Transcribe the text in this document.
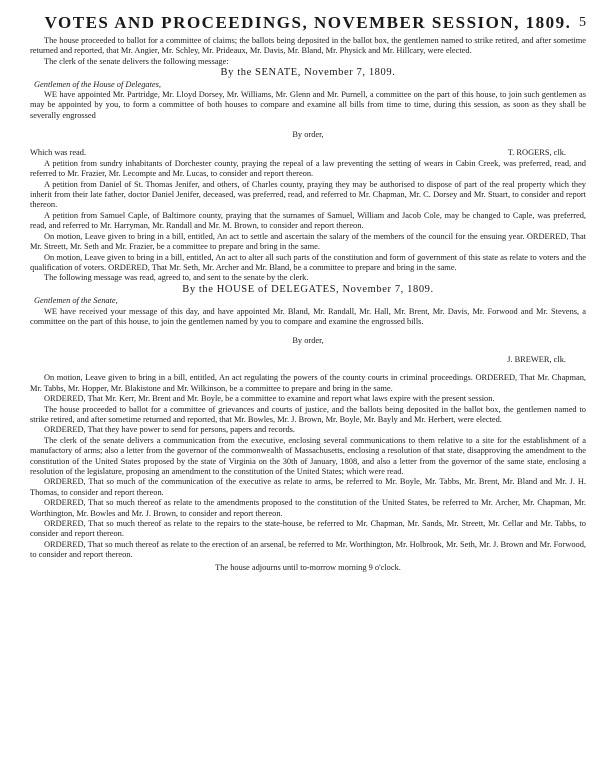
VOTES AND PROCEEDINGS, NOVEMBER SESSION, 1809. 5

The house proceeded to ballot for a committee of claims; the ballots being deposited in the ballot box, the gentlemen named to strike retired, and after sometime returned and reported, that Mr. Angier, Mr. Schley, Mr. Prideaux, Mr. Davis, Mr. Bland, Mr. Physick and Mr. Hillcary, were elected.

The clerk of the senate delivers the following message:

By the SENATE, November 7, 1809.

Gentlemen of the House of Delegates,

WE have appointed Mr. Partridge, Mr. Lloyd Dorsey, Mr. Williams, Mr. Glenn and Mr. Purnell, a committee on the part of this house, to join such gentlemen as may be appointed by you, to form a committee of both houses to compare and examine all bills from time to time, during this session, as soon as they shall be severally engrossed

By order,

Which was read.	T. ROGERS, clk.

A petition from sundry inhabitants of Dorchester county, praying the repeal of a law preventing the setting of wears in Cabin Creek, was preferred, read, and referred to Mr. Frazier, Mr. Lecompte and Mr. Lucas, to consider and report thereon.

A petition from Daniel of St. Thomas Jenifer, and others, of Charles county, praying they may be authorised to dispose of part of the real property which they inherit from their late father, doctor Daniel Jenifer, deceased, was preferred, read, and referred to Mr. Chapman, Mr. C. Dorsey and Mr. Stuart, to consider and report thereon.

A petition from Samuel Caple, of Baltimore county, praying that the surnames of Samuel, William and Jacob Cole, may be changed to Caple, was preferred, read, and referred to Mr. Harryman, Mr. Randall and Mr. M. Brown, to consider and report thereon.

On motion, Leave given to bring in a bill, entitled, An act to settle and ascertain the salary of the members of the council for the ensuing year. ORDERED, That Mr. Streett, Mr. Seth and Mr. Frazier, be a committee to prepare and bring in the same.

On motion, Leave given to bring in a bill, entitled, An act to alter all such parts of the constitution and form of government of this state as relate to voters and the qualification of voters. ORDERED, That Mr. Seth, Mr. Archer and Mr. Bland, be a committee to prepare and bring in the same.

The following message was read, agreed to, and sent to the senate by the clerk.

By the HOUSE of DELEGATES, November 7, 1809.

Gentlemen of the Senate,

WE have received your message of this day, and have appointed Mr. Bland, Mr. Randall, Mr. Hall, Mr. Brent, Mr. Davis, Mr. Forwood and Mr. Stevens, a committee on the part of this house, to join the gentlemen named by you to compare and examine the engrossed bills.

By order,

J. BREWER, clk.

On motion, Leave given to bring in a bill, entitled, An act regulating the powers of the county courts in criminal proceedings. ORDERED, That Mr. Chapman, Mr. Tabbs, Mr. Hopper, Mr. Blakistone and Mr. Wilkinson, be a committee to prepare and bring in the same.

ORDERED, That Mr. Kerr, Mr. Brent and Mr. Boyle, be a committee to examine and report what laws expire with the present session.

The house proceeded to ballot for a committee of grievances and courts of justice, and the ballots being deposited in the ballot box, the gentlemen named to strike retired, and after sometime returned and reported, that Mr. Bowles, Mr. J. Brown, Mr. Boyle, Mr. Bayly and Mr. Herbert, were elected.

ORDERED, That they have power to send for persons, papers and records.

The clerk of the senate delivers a communication from the executive, enclosing several communications to them relative to a site for the establishment of a manufactory of arms; also a letter from the governor of the commonwealth of Massachusetts, enclosing a resolution of that state, disapproving the amendment to the constitution of the United States proposed by the state of Virginia on the 30th of January, 1808, and also a letter from the governor of the same state, enclosing a resolution of the legislature, proposing an amendment to the constitution of the United States; which were read.

ORDERED, That so much of the communication of the executive as relate to arms, be referred to Mr. Boyle, Mr. Tabbs, Mr. Brent, Mr. Bland and Mr. J. H. Thomas, to consider and report thereon.

ORDERED, That so much thereof as relate to the amendments proposed to the constitution of the United States, be referred to Mr. Archer, Mr. Chapman, Mr. Worthington, Mr. Bowles and Mr. J. Brown, to consider and report thereon.

ORDERED, That so much thereof as relate to the repairs to the state-house, be referred to Mr. Chapman, Mr. Sands, Mr. Streett, Mr. Cellar and Mr. Tabbs, to consider and report thereon.

ORDERED, That so much thereof as relate to the erection of an arsenal, be referred to Mr. Worthington, Mr. Holbrook, Mr. Seth, Mr. J. Brown and Mr. Forwood, to consider and report thereon.

The house adjourns until to-morrow morning 9 o'clock.
